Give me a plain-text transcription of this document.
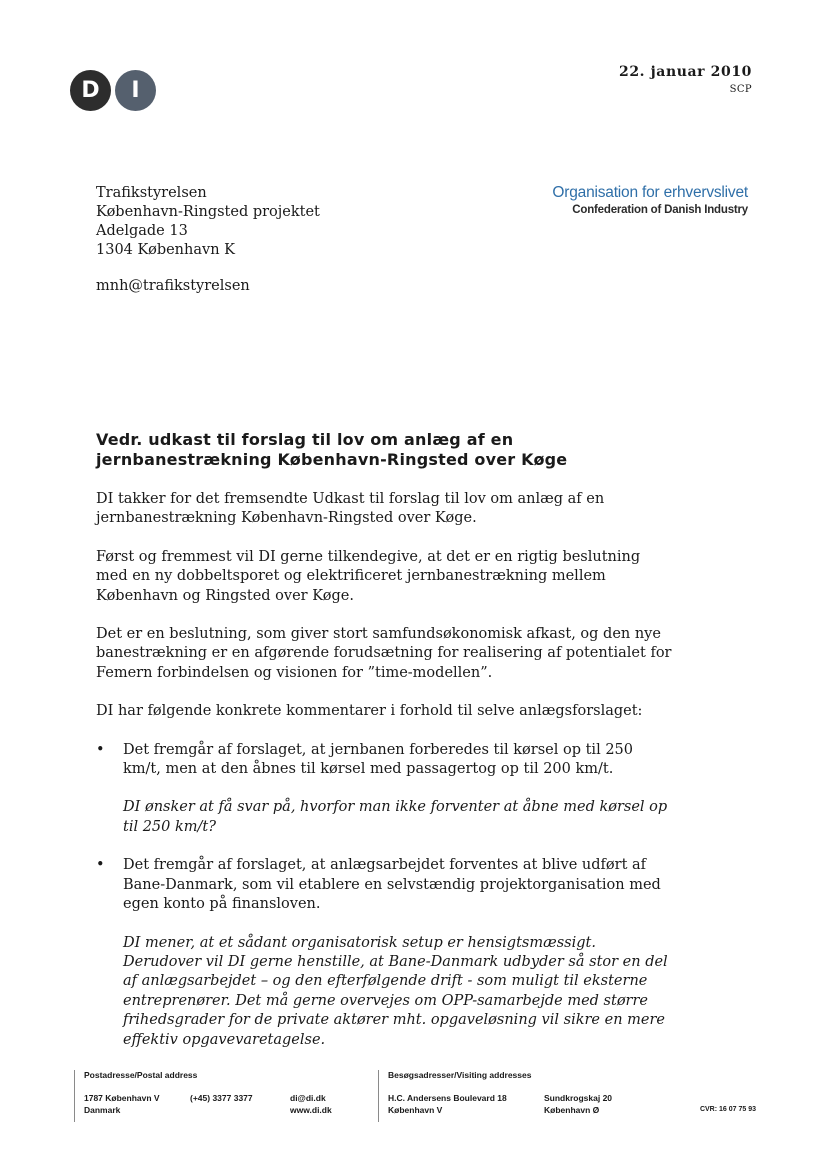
D	I
22. januar 2010
SCP
Trafikstyrelsen
København-Ringsted projektet
Adelgade 13
1304 København K
mnh@trafikstyrelsen
Organisation for erhvervslivet
Confederation of Danish Industry
Vedr. udkast til forslag til lov om anlæg af en jernbanestrækning København-Ringsted over Køge

DI takker for det fremsendte Udkast til forslag til lov om anlæg af en jernbanestrækning København-Ringsted over Køge.

Først og fremmest vil DI gerne tilkendegive, at det er en rigtig beslutning med en ny dobbeltsporet og elektrificeret jernbanestrækning mellem København og Ringsted over Køge.

Det er en beslutning, som giver stort samfundsøkonomisk afkast, og den nye banestrækning er en afgørende forudsætning for realisering af potentialet for Femern forbindelsen og visionen for ”time-modellen”.

DI har følgende konkrete kommentarer i forhold til selve anlægsforslaget:

• Det fremgår af forslaget, at jernbanen forberedes til kørsel op til 250 km/t, men at den åbnes til kørsel med passagertog op til 200 km/t.
DI ønsker at få svar på, hvorfor man ikke forventer at åbne med kørsel op til 250 km/t?
• Det fremgår af forslaget, at anlægsarbejdet forventes at blive udført af Bane-Danmark, som vil etablere en selvstændig projektorganisation med egen konto på finansloven.
DI mener, at et sådant organisatorisk setup er hensigtsmæssigt. Derudover vil DI gerne henstille, at Bane-Danmark udbyder så stor en del af anlægsarbejdet – og den efterfølgende drift - som muligt til eksterne entreprenører. Det må gerne overvejes om OPP-samarbejde med større frihedsgrader for de private aktører mht. opgaveløsning vil sikre en mere effektiv opgavevaretagelse.
Postadresse/Postal address
1787 København V
Danmark
(+45) 3377 3377	di@di.dk
www.di.dk
Besøgsadresser/Visiting addresses
H.C. Andersens Boulevard 18
København V
Sundkrogskaj 20
København Ø	CVR: 16 07 75 93
